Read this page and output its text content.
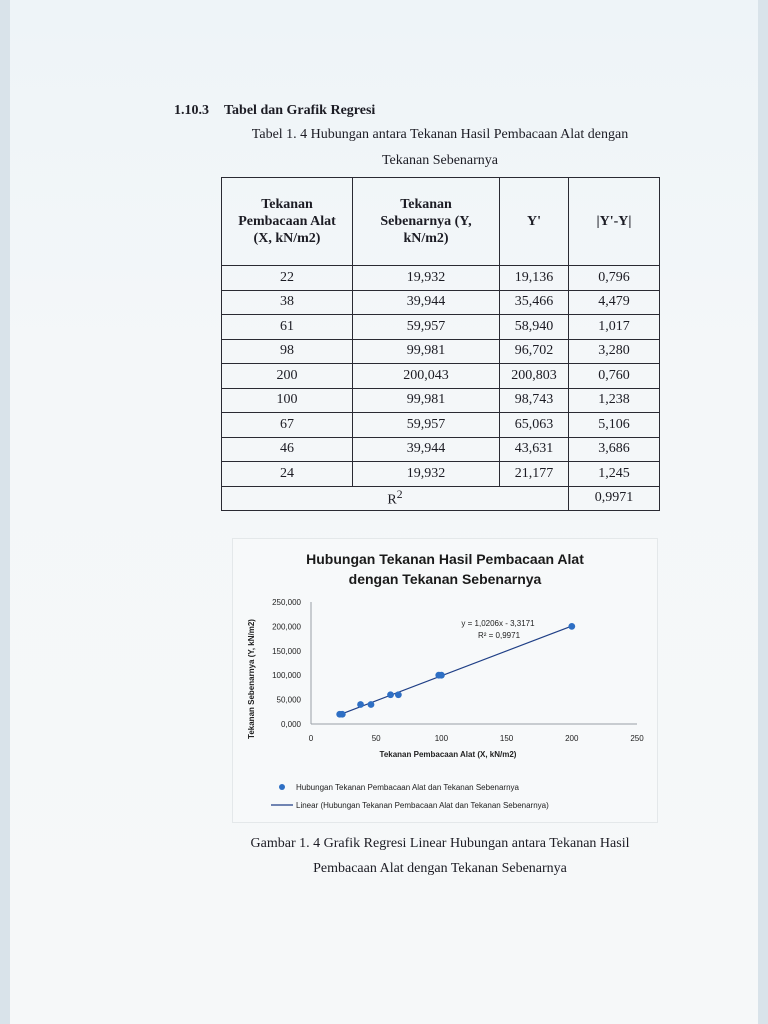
1.10.3 Tabel dan Grafik Regresi
Tabel 1. 4 Hubungan antara Tekanan Hasil Pembacaan Alat dengan
Tekanan Sebenarnya
Tekanan
Pembacaan Alat
(X, kN/m2)	Tekanan
Sebenarnya (Y,
kN/m2)	Y'	|Y'-Y|
22	19,932	19,136	0,796
38	39,944	35,466	4,479
61	59,957	58,940	1,017
98	99,981	96,702	3,280
200	200,043	200,803	0,760
100	99,981	98,743	1,238
67	59,957	65,063	5,106
46	39,944	43,631	3,686
24	19,932	21,177	1,245
$R^2$			0,9971
Hubungan Tekanan Hasil Pembacaan Alat
dengan Tekanan Sebenarnya
0,000
50,000
100,000
150,000
200,000
250,000
0	50	100	150	200	250
y = 1,0206x - 3,3171
R² = 0,9971
Tekanan Pembacaan Alat (X, kN/m2)
Tekanan Sebenarnya (Y, kN/m2)
Hubungan Tekanan Pembacaan Alat dan Tekanan Sebenarnya
Linear (Hubungan Tekanan Pembacaan Alat dan Tekanan Sebenarnya)
Gambar 1. 4 Grafik Regresi Linear Hubungan antara Tekanan Hasil
Pembacaan Alat dengan Tekanan Sebenarnya
